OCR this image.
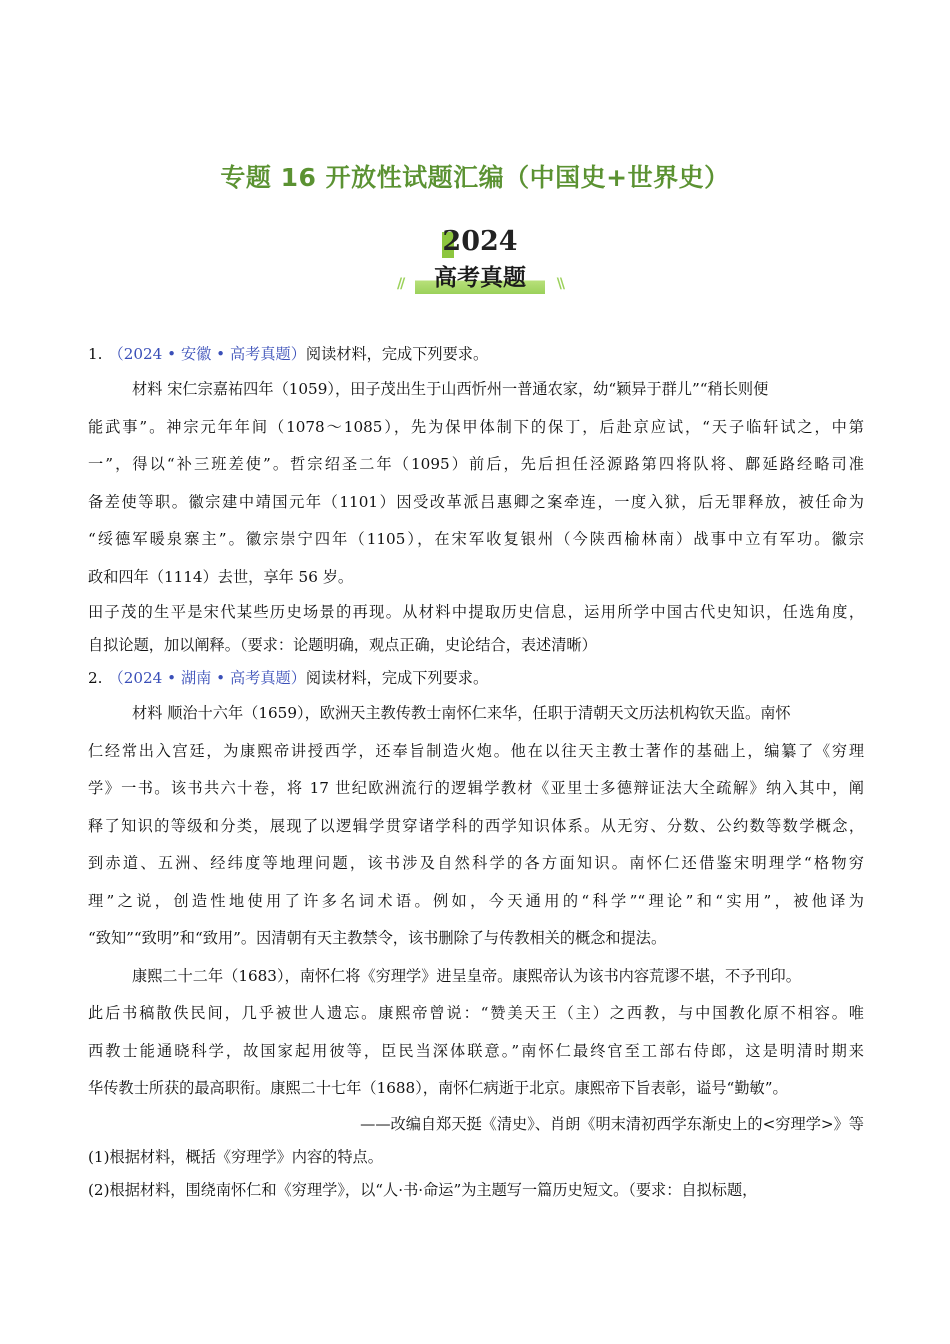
专题 16 开放性试题汇编（中国史+世界史）
2024
//	高考真题	\\

1. （2024 • 安徽 • 高考真题）阅读材料，完成下列要求。

材料 宋仁宗嘉祐四年（1059），田子茂出生于山西忻州一普通农家，幼“颖异于群儿”“稍长则便

能武事”。神宗元年年间（1078～1085），先为保甲体制下的保丁，后赴京应试，“天子临轩试之，中第

一”，得以“补三班差使”。哲宗绍圣二年（1095）前后，先后担任泾源路第四将队将、鄜延路经略司准

备差使等职。徽宗建中靖国元年（1101）因受改革派吕惠卿之案牵连，一度入狱，后无罪释放，被任命为

“绥德军暖泉寨主”。徽宗崇宁四年（1105），在宋军收复银州（今陕西榆林南）战事中立有军功。徽宗

政和四年（1114）去世，享年 56 岁。

田子茂的生平是宋代某些历史场景的再现。从材料中提取历史信息，运用所学中国古代史知识，任选角度，

自拟论题，加以阐释。（要求：论题明确，观点正确，史论结合，表述清晰）

2. （2024 • 湖南 • 高考真题）阅读材料，完成下列要求。

材料 顺治十六年（1659），欧洲天主教传教士南怀仁来华，任职于清朝天文历法机构钦天监。南怀

仁经常出入宫廷，为康熙帝讲授西学，还奉旨制造火炮。他在以往天主教士著作的基础上，编纂了《穷理

学》一书。该书共六十卷，将 17 世纪欧洲流行的逻辑学教材《亚里士多德辩证法大全疏解》纳入其中，阐

释了知识的等级和分类，展现了以逻辑学贯穿诸学科的西学知识体系。从无穷、分数、公约数等数学概念，

到赤道、五洲、经纬度等地理问题，该书涉及自然科学的各方面知识。南怀仁还借鉴宋明理学“格物穷

理”之说，创造性地使用了许多名词术语。例如，今天通用的“科学”“理论”和“实用”，被他译为

“致知”“致明”和“致用”。因清朝有天主教禁令，该书删除了与传教相关的概念和提法。

康熙二十二年（1683），南怀仁将《穷理学》进呈皇帝。康熙帝认为该书内容荒谬不堪，不予刊印。

此后书稿散佚民间，几乎被世人遗忘。康熙帝曾说：“赞美天王（主）之西教，与中国教化原不相容。唯

西教士能通晓科学，故国家起用彼等，臣民当深体联意。”南怀仁最终官至工部右侍郎，这是明清时期来

华传教士所获的最高职衔。康熙二十七年（1688），南怀仁病逝于北京。康熙帝下旨表彰，谥号“勤敏”。

——改编自郑天挺《清史》、肖朗《明末清初西学东渐史上的<穷理学>》等

(1)根据材料，概括《穷理学》内容的特点。

(2)根据材料，围绕南怀仁和《穷理学》，以“人·书·命运”为主题写一篇历史短文。（要求：自拟标题，
